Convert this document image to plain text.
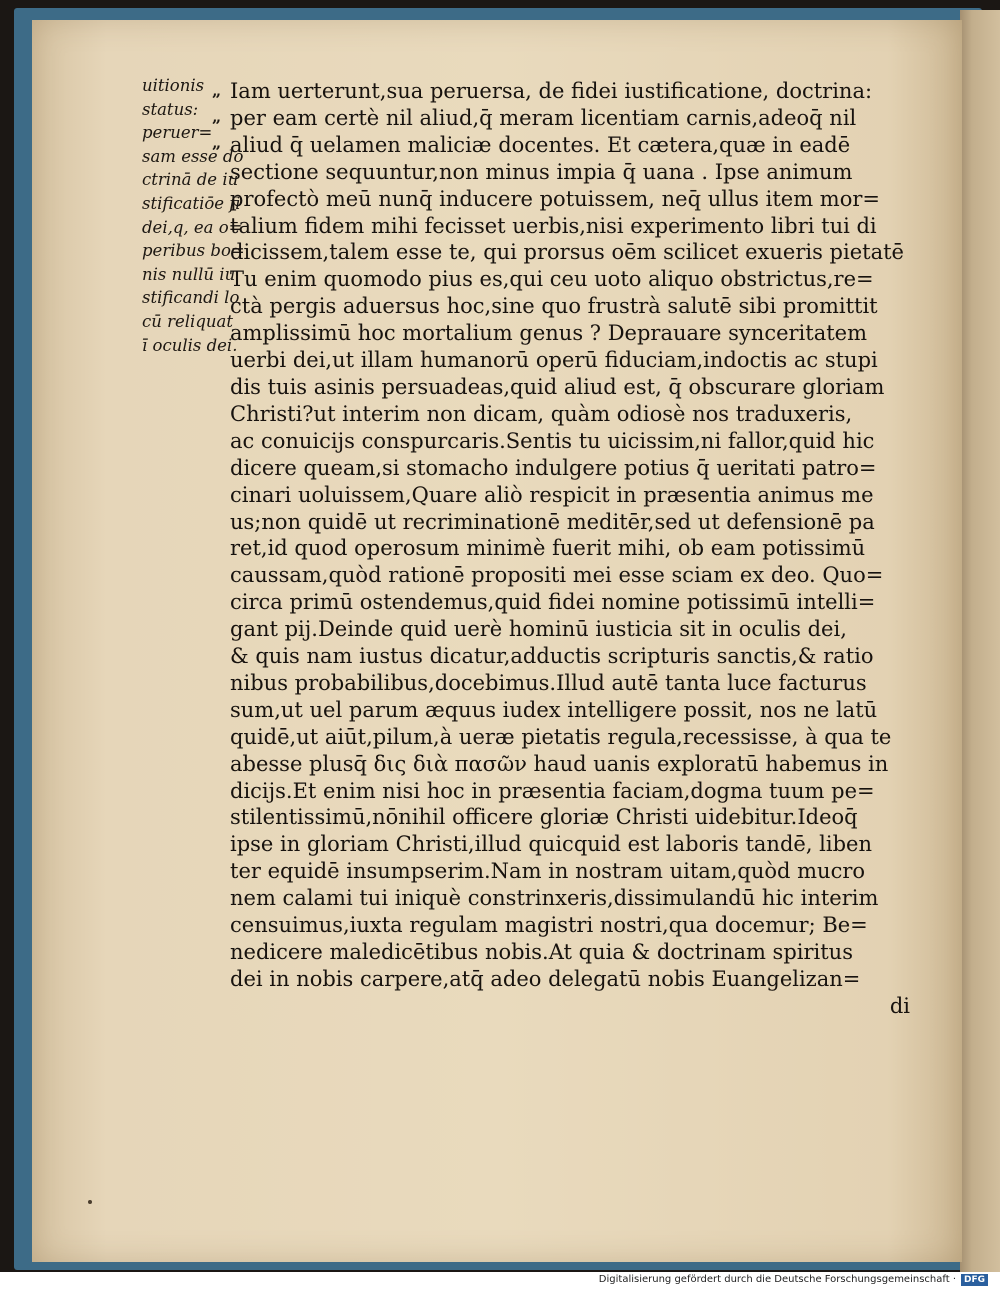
uitionis
status:
peruer=
sam esse do
ctrinā de iu
stificatiōe fi
dei,q, ea o=
peribus bo=
nis nullū iu
stificandi lo
cū reliquat
ī oculis dei.
„
„
„
Iam uerterunt,sua peruersa, de fidei iustificatione, doctrina:
per eam certè nil aliud,q̄ meram licentiam carnis,adeoq̄ nil
aliud q̄ uelamen maliciæ docentes. Et cætera,quæ in eadē
sectione sequuntur,non minus impia q̄ uana . Ipse animum
profectò meū nunq̄ inducere potuissem, neq̄ ullus item mor=
talium fidem mihi fecisset uerbis,nisi experimento libri tui di
dicissem,talem esse te, qui prorsus oēm scilicet exueris pietatē
Tu enim quomodo pius es,qui ceu uoto aliquo obstrictus,re=
ctà pergis aduersus hoc,sine quo frustrà salutē sibi promittit
amplissimū hoc mortalium genus ? Deprauare synceritatem
uerbi dei,ut illam humanorū operū fiduciam,indoctis ac stupi
dis tuis asinis persuadeas,quid aliud est, q̄ obscurare gloriam
Christi?ut interim non dicam, quàm odiosè nos traduxeris,
ac conuicijs conspurcaris.Sentis tu uicissim,ni fallor,quid hic
dicere queam,si stomacho indulgere potius q̄ ueritati patro=
cinari uoluissem,Quare aliò respicit in præsentia animus me
us;non quidē ut recriminationē meditēr,sed ut defensionē pa
ret,id quod operosum minimè fuerit mihi, ob eam potissimū
caussam,quòd rationē propositi mei esse sciam ex deo. Quo=
circa primū ostendemus,quid fidei nomine potissimū intelli=
gant pij.Deinde quid uerè hominū iusticia sit in oculis dei,
& quis nam iustus dicatur,adductis scripturis sanctis,& ratio
nibus probabilibus,docebimus.Illud autē tanta luce facturus
sum,ut uel parum æquus iudex intelligere possit, nos ne latū
quidē,ut aiūt,pilum,à ueræ pietatis regula,recessisse, à qua te
abesse plusq̄ δις διὰ πασῶν haud uanis exploratū habemus in
dicijs.Et enim nisi hoc in præsentia faciam,dogma tuum pe=
stilentissimū,nōnihil officere gloriæ Christi uidebitur.Ideoq̄
ipse in gloriam Christi,illud quicquid est laboris tandē, liben
ter equidē insumpserim.Nam in nostram uitam,quòd mucro
nem calami tui iniquè constrinxeris,dissimulandū hic interim
censuimus,iuxta regulam magistri nostri,qua docemur; Be=
nedicere maledicētibus nobis.At quia & doctrinam spiritus
dei in nobis carpere,atq̄ adeo delegatū nobis Euangelizan=
di
Digitalisierung gefördert durch die Deutsche Forschungsgemeinschaft · DFG
